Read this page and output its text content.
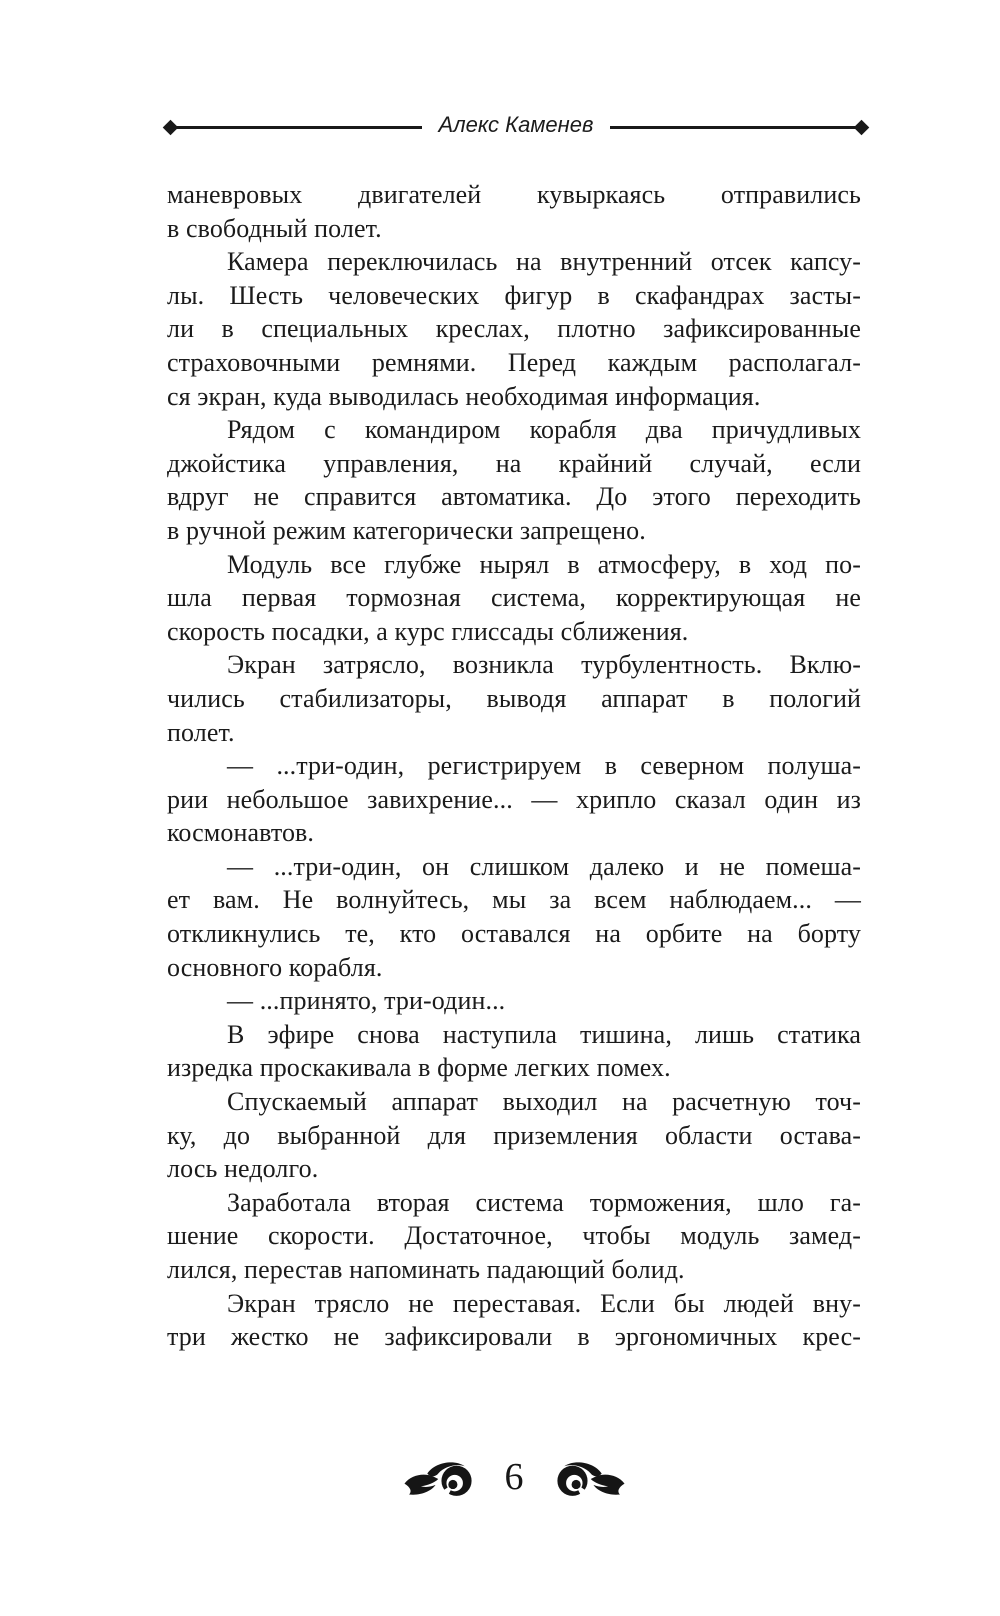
Алекс Каменев
маневровых двигателей кувыркаясь отправились
в свободный полет.
Камера переключилась на внутренний отсек капсу-
лы. Шесть человеческих фигур в скафандрах засты-
ли в специальных креслах, плотно зафиксированные
страховочными ремнями. Перед каждым располагал-
ся экран, куда выводилась необходимая информация.
Рядом с командиром корабля два причудливых
джойстика управления, на крайний случай, если
вдруг не справится автоматика. До этого переходить
в ручной режим категорически запрещено.
Модуль все глубже нырял в атмосферу, в ход по-
шла первая тормозная система, корректирующая не
скорость посадки, а курс глиссады сближения.
Экран затрясло, возникла турбулентность. Вклю-
чились стабилизаторы, выводя аппарат в пологий
полет.
— ...три-один, регистрируем в северном полуша-
рии небольшое завихрение... — хрипло сказал один из
космонавтов.
— ...три-один, он слишком далеко и не помеша-
ет вам. Не волнуйтесь, мы за всем наблюдаем... —
откликнулись те, кто оставался на орбите на борту
основного корабля.
— ...принято, три-один...
В эфире снова наступила тишина, лишь статика
изредка проскакивала в форме легких помех.
Спускаемый аппарат выходил на расчетную точ-
ку, до выбранной для приземления области остава-
лось недолго.
Заработала вторая система торможения, шло га-
шение скорости. Достаточное, чтобы модуль замед-
лился, перестав напоминать падающий болид.
Экран трясло не переставая. Если бы людей вну-
три жестко не зафиксировали в эргономичных крес-
6
